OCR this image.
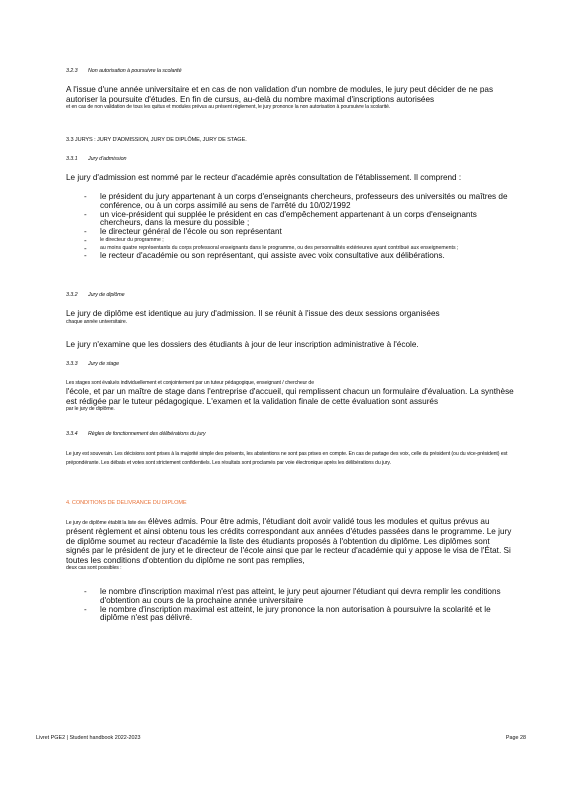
3.2.3 Non autorisation à poursuivre la scolarité
A l'issue d'une année universitaire et en cas de non validation d'un nombre de modules, le jury peut décider de ne pas autoriser la poursuite d'études. En fin de cursus, au-delà du nombre maximal d'inscriptions autorisées
et en cas de non validation de tous les quitus et modules prévus au présent règlement, le jury prononce la non autorisation à poursuivre la scolarité.
3.3 JURYS : JURY D'ADMISSION, JURY DE DIPLÔME, JURY DE STAGE.
3.3.1 Jury d'admission
Le jury d'admission est nommé par le recteur d'académie après consultation de l'établissement. Il comprend :
- le président du jury appartenant à un corps d'enseignants chercheurs, professeurs des universités ou maîtres de conférence, ou à un corps assimilé au sens de l'arrêté du 10/02/1992
- un vice-président qui supplée le président en cas d'empêchement appartenant à un corps d'enseignants chercheurs, dans la mesure du possible ;
- le directeur général de l'école ou son représentant
- le directeur du programme ;
- au moins quatre représentants du corps professoral enseignants dans le programme, ou des personnalités extérieures ayant contribué aux enseignements ;
- le recteur d'académie ou son représentant, qui assiste avec voix consultative aux délibérations.
3.3.2 Jury de diplôme
Le jury de diplôme est identique au jury d'admission. Il se réunit à l'issue des deux sessions organisées
chaque année universitaire.
Le jury n'examine que les dossiers des étudiants à jour de leur inscription administrative à l'école.
3.3.3 Jury de stage
Les stages sont évalués individuellement et conjointement par un tuteur pédagogique, enseignant / chercheur de
l'école, et par un maître de stage dans l'entreprise d'accueil, qui remplissent chacun un formulaire d'évaluation. La synthèse est rédigée par le tuteur pédagogique. L'examen et la validation finale de cette évaluation sont assurés
par le jury de diplôme.
3.3.4 Règles de fonctionnement des délibérations du jury
Le jury est souverain. Les décisions sont prises à la majorité simple des présents, les abstentions ne sont pas prises en compte. En cas de partage des voix, celle du président (ou du vice-président) est prépondérante. Les débats et votes sont strictement confidentiels. Les résultats sont proclamés par voie électronique après les délibérations du jury.
4. CONDITIONS DE DELIVRANCE DU DIPLOME
Le jury de diplôme établit la liste des élèves admis. Pour être admis, l'étudiant doit avoir validé tous les modules et quitus prévus au présent règlement et ainsi obtenu tous les crédits correspondant aux années d'études passées dans le programme. Le jury de diplôme soumet au recteur d'académie la liste des étudiants proposés à l'obtention du diplôme. Les diplômes sont signés par le président de jury et le directeur de l'école ainsi que par le recteur d'académie qui y appose le visa de l'État. Si toutes les conditions d'obtention du diplôme ne sont pas remplies,
deux cas sont possibles :
- le nombre d'inscription maximal n'est pas atteint, le jury peut ajourner l'étudiant qui devra remplir les conditions d'obtention au cours de la prochaine année universitaire
- le nombre d'inscription maximal est atteint, le jury prononce la non autorisation à poursuivre la scolarité et le diplôme n'est pas délivré.
Livret PGE2 | Student handbook 2022-2023	Page 28
